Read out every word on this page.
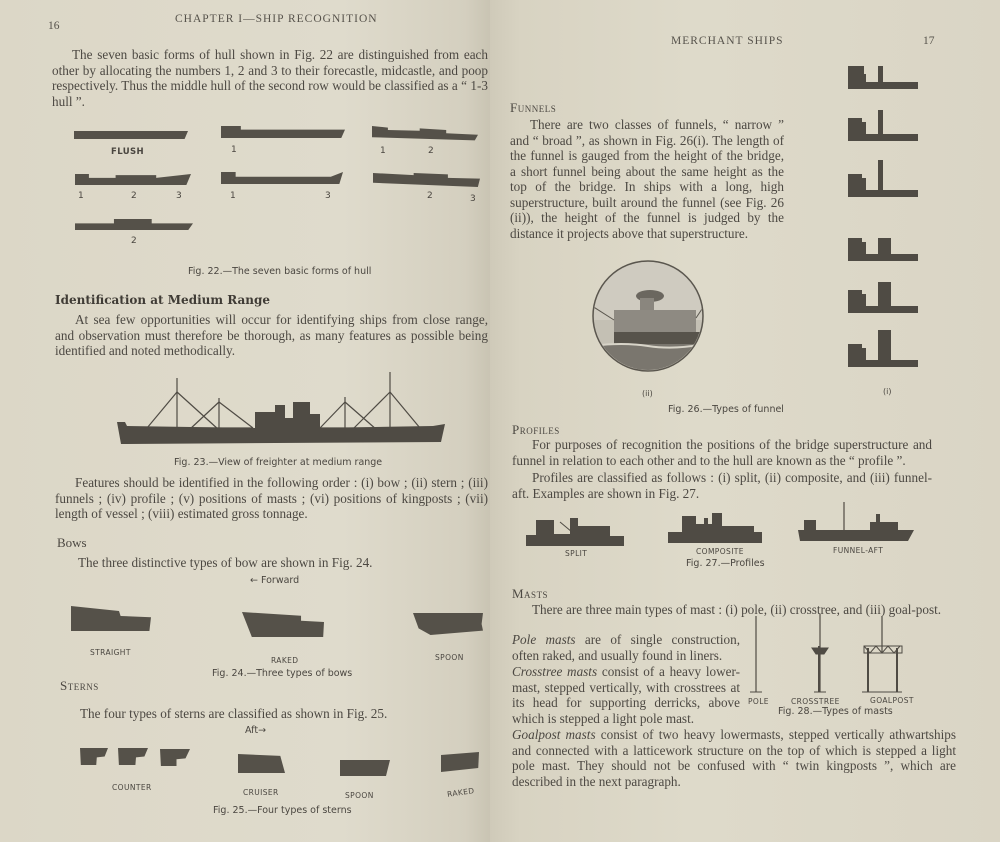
16
CHAPTER I—SHIP RECOGNITION

The seven basic forms of hull shown in Fig. 22 are distinguished from each other by allocating the numbers 1, 2 and 3 to their forecastle, midcastle, and poop respectively. Thus the middle hull of the second row would be classified as a “ 1-3 hull ”.

FLUSH	1	1	2
1	2	3	1	3	2	3
2
Fig. 22.—The seven basic forms of hull
Identification at Medium Range

At sea few opportunities will occur for identifying ships from close range, and observation must therefore be thorough, as many features as possible being identified and noted methodically.

Fig. 23.—View of freighter at medium range

Features should be identified in the following order : (i) bow ; (ii) stern ; (iii) funnels ; (iv) profile ; (v) positions of masts ; (vi) positions of kingposts ; (vii) length of vessel ; (viii) estimated gross tonnage.

Bows

The three distinctive types of bow are shown in Fig. 24.

← Forward
STRAIGHT
RAKED	SPOON
Fig. 24.—Three types of bows
Sterns

The four types of sterns are classified as shown in Fig. 25.

Aft→
COUNTER
CRUISER	SPOON	RAKED
Fig. 25.—Four types of sterns
MERCHANT SHIPS	17
Funnels

There are two classes of funnels, “ narrow ” and “ broad ”, as shown in Fig. 26(i). The length of the funnel is gauged from the height of the bridge, a short funnel being about the same height as the top of the bridge. In ships with a long, high superstructure, built around the funnel (see Fig. 26 (ii)), the height of the funnel is judged by the distance it projects above that superstructure.

(i)
(ii)
Fig. 26.—Types of funnel
Profiles

For purposes of recognition the positions of the bridge superstructure and funnel in relation to each other and to the hull are known as the “ profile ”.

Profiles are classified as follows : (i) split, (ii) composite, and (iii) funnel-aft. Examples are shown in Fig. 27.

SPLIT	COMPOSITE	FUNNEL-AFT
Fig. 27.—Profiles
Masts

There are three main types of mast : (i) pole, (ii) crosstree, and (iii) goal-post.

Pole masts are of single construction, often raked, and usually found in liners.

Crosstree masts consist of a heavy lower-mast, stepped vertically, with crosstrees at its head for supporting derricks, above which is stepped a light pole mast.

Goalpost masts consist of two heavy lowermasts, stepped vertically athwartships and connected with a latticework structure on the top of which is stepped a light pole mast. They should not be confused with “ twin kingposts ”, which are described in the next paragraph.

POLE	CROSSTREE	GOALPOST
Fig. 28.—Types of masts
